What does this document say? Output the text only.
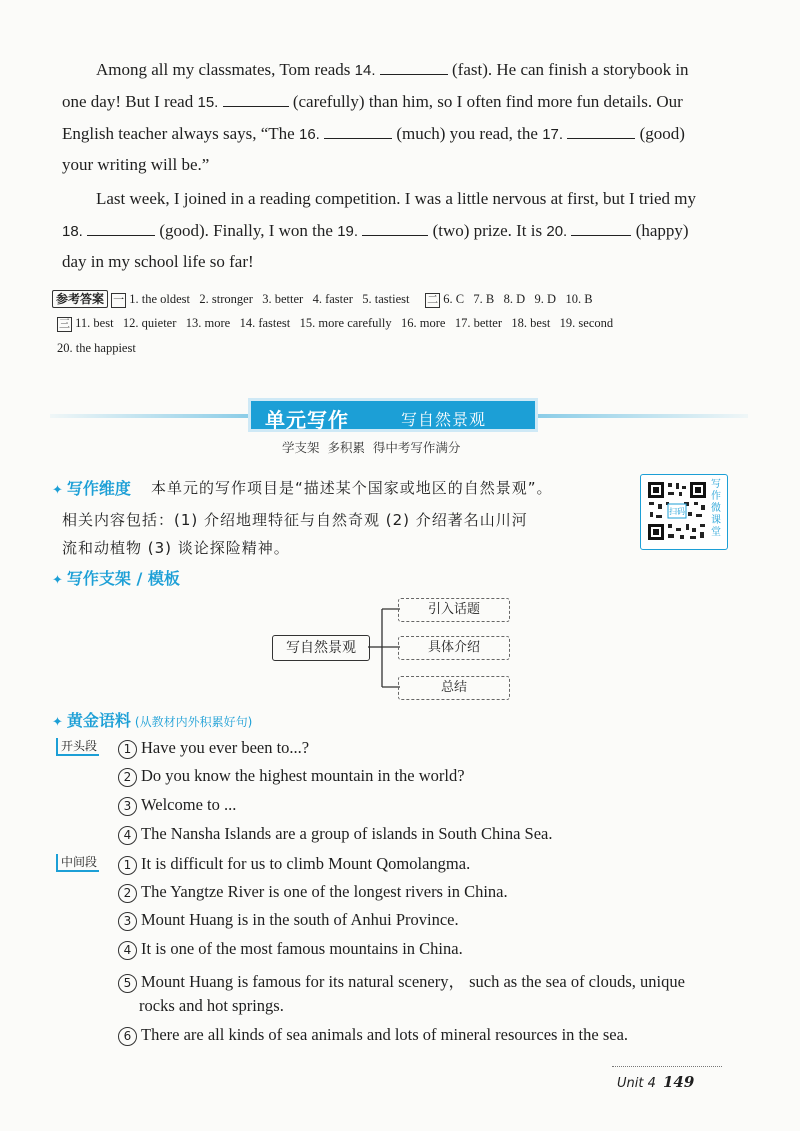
Among all my classmates, Tom reads 14.	(fast). He can finish a storybook in
one day! But I read 15.	(carefully) than him, so I often find more fun details. Our
English teacher always says, “The 16.	(much) you read, the 17.	(good)
your writing will be.”
Last week, I joined in a reading competition. I was a little nervous at first, but I tried my
18.	(good). Finally, I won the 19.	(two) prize. It is 20.	(happy)
day in my school life so far!
参考答案 一 1. the oldest 2. stronger 3. better 4. faster 5. tastiest 二 6. C 7. B 8. D 9. D 10. B
三 11. best 12. quieter 13. more 14. fastest 15. more carefully 16. more 17. better 18. best 19. second
20. the happiest
单元写作	写自然景观
学支架  多积累  得中考写作满分
✦ 写作维度 本单元的写作项目是“描述某个国家或地区的自然景观”。
相关内容包括：(1) 介绍地理特征与自然奇观 (2) 介绍著名山川河
流和动植物 (3) 谈论探险精神。
扫码
写作微课堂
✦ 写作支架 / 模板
写自然景观
引入话题
具体介绍
总结
✦ 黄金语料 (从教材内外积累好句)
开头段	1 Have you ever been to...?
2 Do you know the highest mountain in the world?
3 Welcome to ...
4 The Nansha Islands are a group of islands in South China Sea.
中间段	1 It is difficult for us to climb Mount Qomolangma.
2 The Yangtze River is one of the longest rivers in China.
3 Mount Huang is in the south of Anhui Province.
4 It is one of the most famous mountains in China.
5 Mount Huang is famous for its natural scenery， such as the sea of clouds, unique
rocks and hot springs.
6 There are all kinds of sea animals and lots of mineral resources in the sea.
Unit 4 149
